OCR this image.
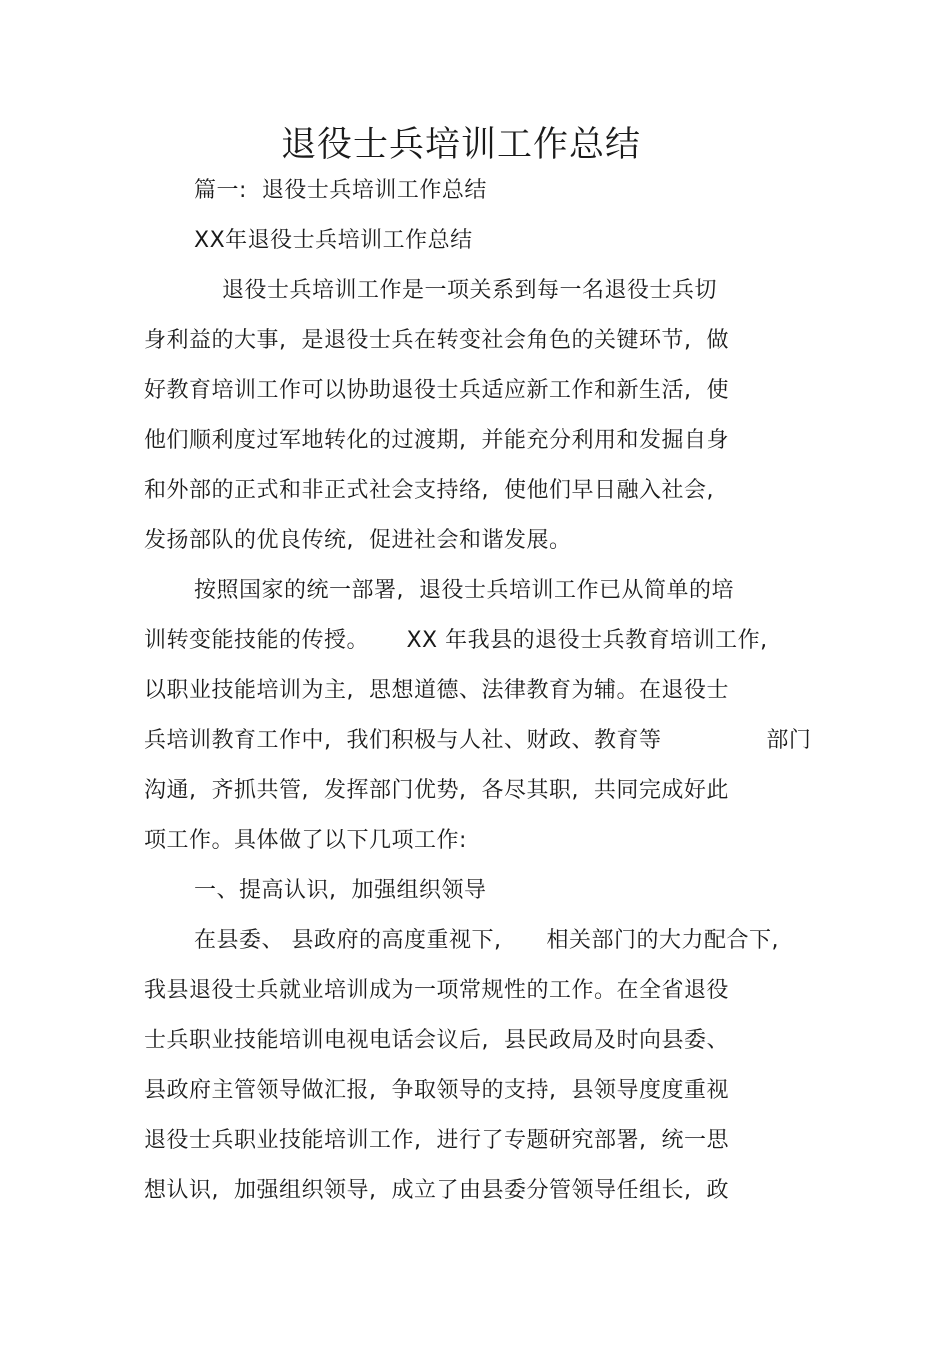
退役士兵培训工作总结
篇一:  退役士兵培训工作总结
XX年退役士兵培训工作总结
退役士兵培训工作是一项关系到每一名退役士兵切
身利益的大事,  是退役士兵在转变社会角色的关键环节,  做
好教育培训工作可以协助退役士兵适应新工作和新生活,  使
他们顺利度过军地转化的过渡期,  并能充分利用和发掘自身
和外部的正式和非正式社会支持络,  使他们早日融入社会,
发扬部队的优良传统,  促进社会和谐发展。
按照国家的统一部署,  退役士兵培训工作已从简单的培
训转变能技能的传授。     XX 年我县的退役士兵教育培训工作,
以职业技能培训为主,  思想道德、法律教育为辅。在退役士
兵培训教育工作中,  我们积极与人社、财政、教育等              部门
沟通,  齐抓共管,  发挥部门优势,  各尽其职,  共同完成好此
项工作。具体做了以下几项工作:
一、提高认识,  加强组织领导
在县委、 县政府的高度重视下,      相关部门的大力配合下,
我县退役士兵就业培训成为一项常规性的工作。在全省退役
士兵职业技能培训电视电话会议后,  县民政局及时向县委、
县政府主管领导做汇报,  争取领导的支持,  县领导度度重视
退役士兵职业技能培训工作,  进行了专题研究部署,  统一思
想认识,  加强组织领导,  成立了由县委分管领导任组长,  政
